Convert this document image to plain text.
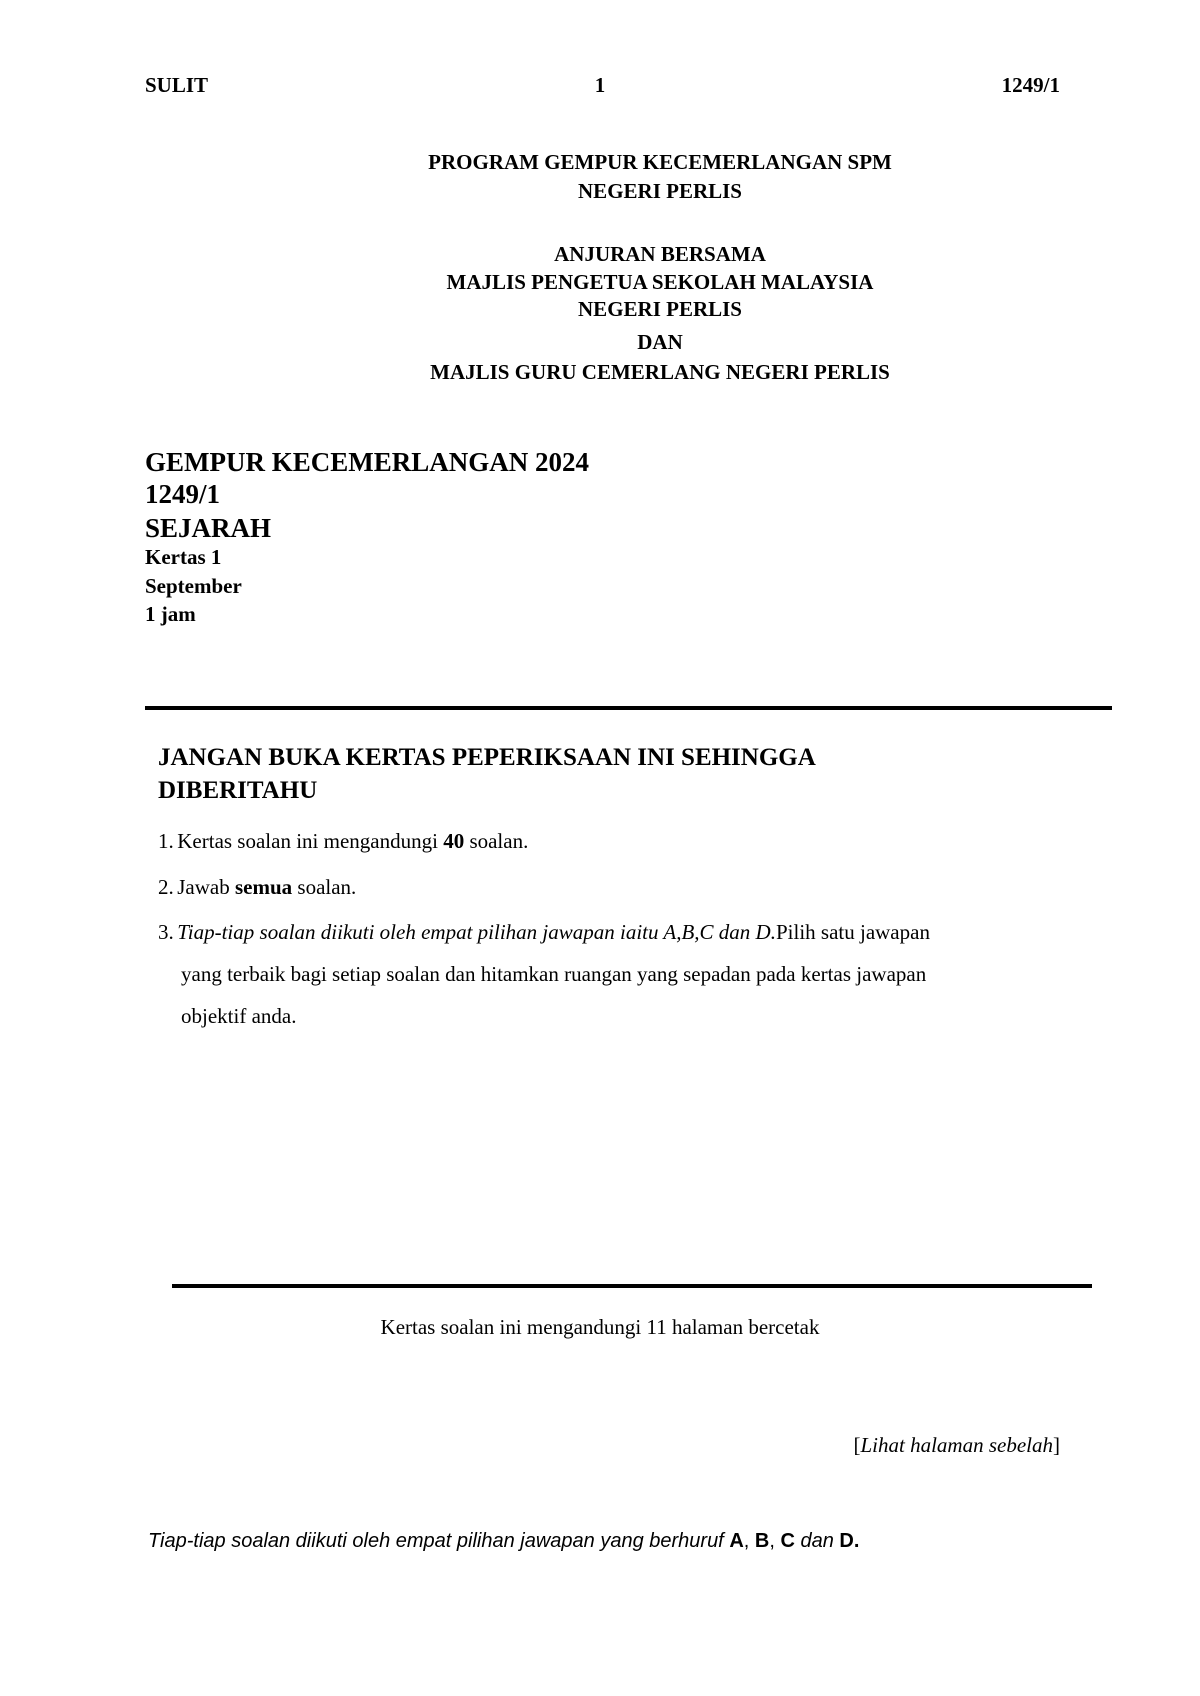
SULIT	1	1249/1
PROGRAM GEMPUR KECEMERLANGAN SPM
NEGERI PERLIS
ANJURAN BERSAMA
MAJLIS PENGETUA SEKOLAH MALAYSIA
NEGERI PERLIS
DAN
MAJLIS GURU CEMERLANG NEGERI PERLIS
GEMPUR KECEMERLANGAN 2024
1249/1
SEJARAH
Kertas 1
September
1 jam
JANGAN BUKA KERTAS PEPERIKSAAN INI SEHINGGA
DIBERITAHU
1. Kertas soalan ini mengandungi 40 soalan.
2. Jawab semua soalan.
3. Tiap-tiap soalan diikuti oleh empat pilihan jawapan iaitu A,B,C dan D.Pilih satu jawapan
yang terbaik bagi setiap soalan dan hitamkan ruangan yang sepadan pada kertas jawapan
objektif anda.
Kertas soalan ini mengandungi 11 halaman bercetak
[Lihat halaman sebelah]
Tiap-tiap soalan diikuti oleh empat pilihan jawapan yang berhuruf A, B, C dan D.
